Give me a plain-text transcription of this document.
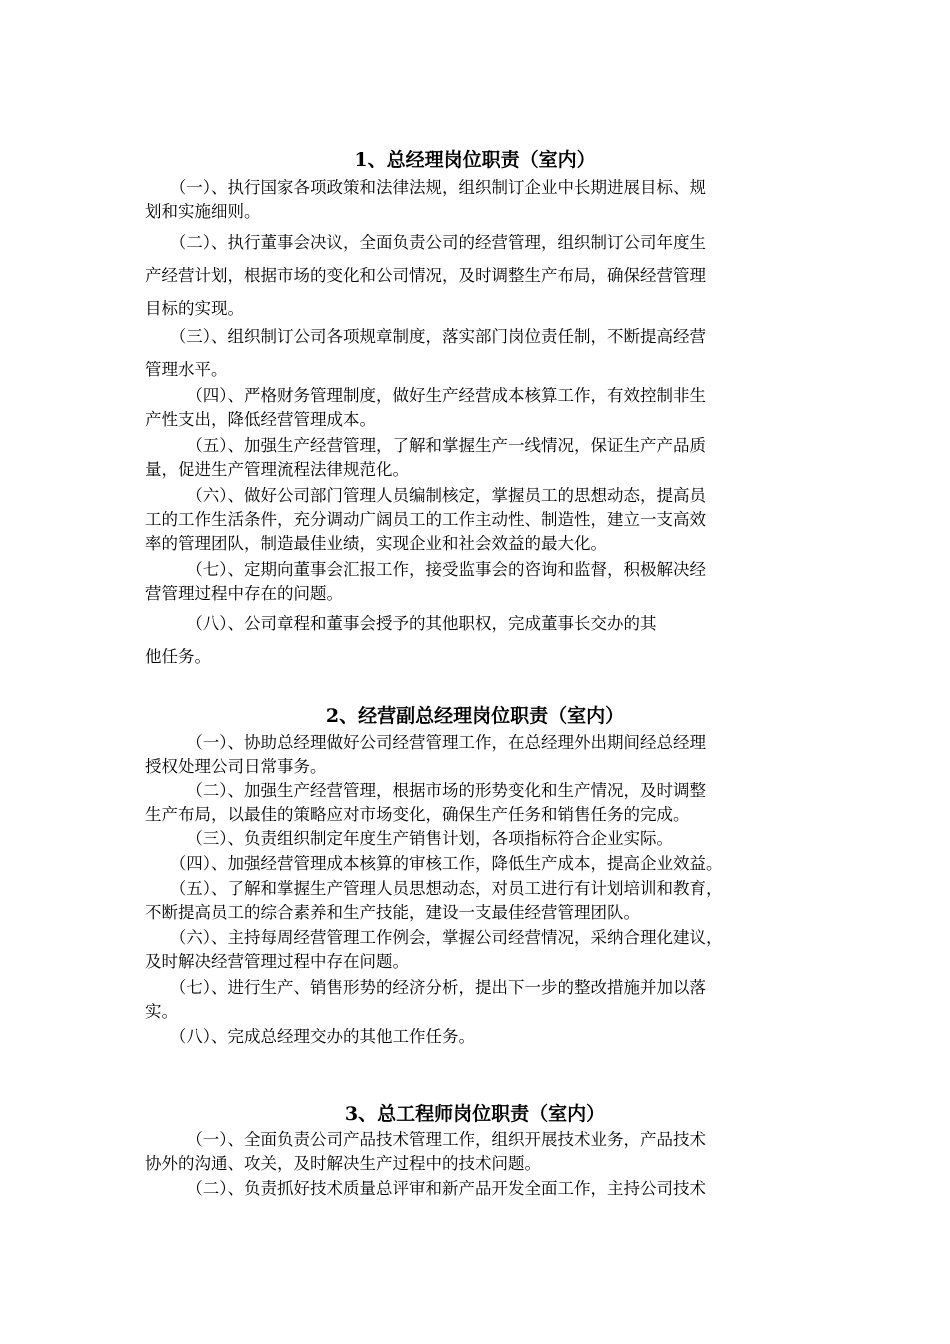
1、总经理岗位职责（室内）
　　（一）、执行国家各项政策和法律法规，组织制订企业中长期进展目标、规
划和实施细则。
　　（二）、执行董事会决议，全面负责公司的经营管理，组织制订公司年度生
产经营计划，根据市场的变化和公司情况，及时调整生产布局，确保经营管理
目标的实现。
　　（三）、组织制订公司各项规章制度，落实部门岗位责任制，不断提高经营
管理水平。
　　　（四）、严格财务管理制度，做好生产经营成本核算工作，有效控制非生
产性支出，降低经营管理成本。
　　　（五）、加强生产经营管理，了解和掌握生产一线情况，保证生产产品质
量，促进生产管理流程法律规范化。
　　　（六）、做好公司部门管理人员编制核定，掌握员工的思想动态，提高员
工的工作生活条件，充分调动广阔员工的工作主动性、制造性，建立一支高效
率的管理团队，制造最佳业绩，实现企业和社会效益的最大化。
　　　（七）、定期向董事会汇报工作，接受监事会的咨询和监督，积极解决经
营管理过程中存在的问题。
　　　（八）、公司章程和董事会授予的其他职权，完成董事长交办的其
他任务。
2、经营副总经理岗位职责（室内）
　　　（一）、协助总经理做好公司经营管理工作，在总经理外出期间经总经理
授权处理公司日常事务。
　　　（二）、加强生产经营管理，根据市场的形势变化和生产情况，及时调整
生产布局，以最佳的策略应对市场变化，确保生产任务和销售任务的完成。
　　　（三）、负责组织制定年度生产销售计划，各项指标符合企业实际。
　　（四）、加强经营管理成本核算的审核工作，降低生产成本，提高企业效益。
　　（五）、了解和掌握生产管理人员思想动态，对员工进行有计划培训和教育，
不断提高员工的综合素养和生产技能，建设一支最佳经营管理团队。
　　（六）、主持每周经营管理工作例会，掌握公司经营情况，采纳合理化建议，
及时解决经营管理过程中存在问题。
　　（七）、进行生产、销售形势的经济分析，提出下一步的整改措施并加以落
实。
　　（八）、完成总经理交办的其他工作任务。
3、总工程师岗位职责（室内）
　　　（一）、全面负责公司产品技术管理工作，组织开展技术业务，产品技术
协外的沟通、攻关，及时解决生产过程中的技术问题。
　　　（二）、负责抓好技术质量总评审和新产品开发全面工作，主持公司技术
